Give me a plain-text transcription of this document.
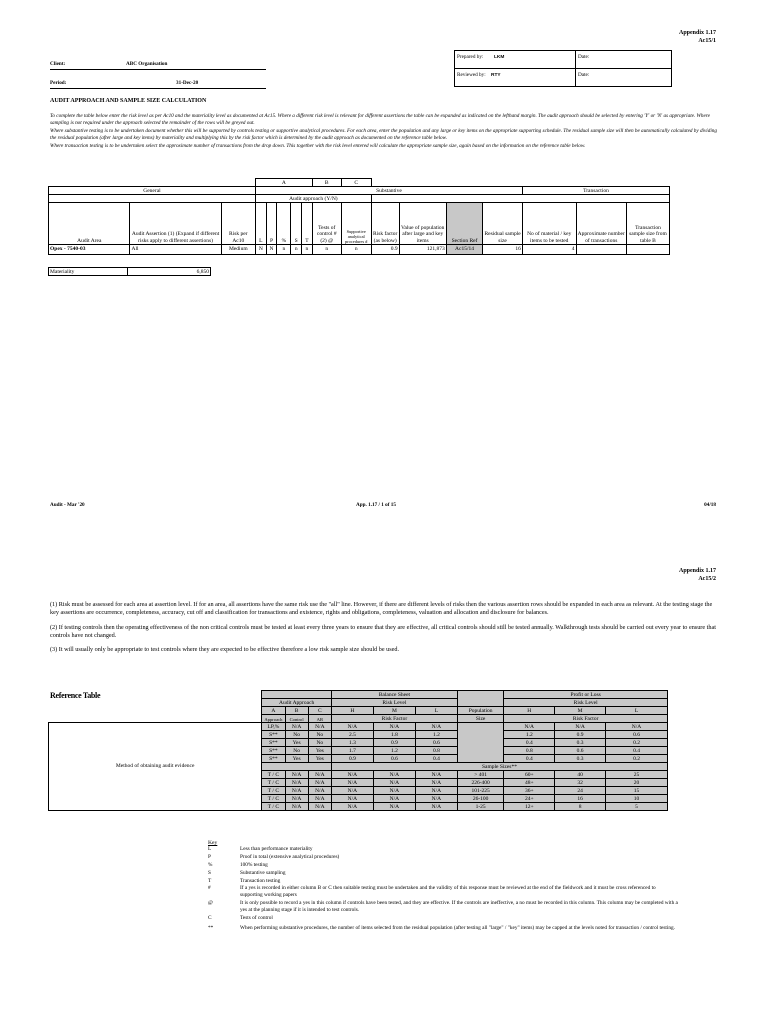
Appendix 1.17
Ac15/1
Prepared by: LKM	Date:
Reviewed by: RTY	Date:
Client:	ABC Organisation
Period:	31-Dec-20
AUDIT APPROACH AND SAMPLE SIZE CALCULATION
To complete the table below enter the risk level as per Ac10 and the materiality level as documented at Ac15. Where a different risk level is relevant for different assertions the table can be expanded as indicated on the lefthand margin. The audit approach should be selected by entering 'Y' or 'N' as appropriate. Where sampling is not required under the approach selected the remainder of the rows will be greyed out.
Where substantive testing is to be undertaken document whether this will be supported by controls testing or supportive analytical procedures. For each area, enter the population and any large or key items on the appropriate supporting schedule. The residual sample size will then be automatically calculated by dividing the residual population (after large and key items) by materiality and multiplying this by the risk factor which is determined by the audit approach as documented on the reference table below.
Where transaction testing is to be undertaken select the approximate number of transactions from the drop down. This together with the risk level entered will calculate the appropriate sample size, again based on the information on the reference table below.
			A					B	C							
General			Substantive											Transaction		
			Audit approach (Y/N)													
Audit Area	Audit Assertion (1) (Expand if different risks apply to different assertions)	Risk per Ac10	L	P	%	S	T	Tests of control # (2) @	Supportive analytical procedures #	Risk factor (as below)	Value of population after large and key items	Section Ref	Residual sample size	No of material / key items to be tested	Approximate number of transactions	Transaction sample size from table B
Opex - 7540-03	All	Medium	N	N	n	n	n	n	n	0.9	121,873	Ac15/14	16	4		
Materiality	6,850
Audit - Mar '20	App. 1.17 / 1 of 15	04/18
Appendix 1.17
Ac15/2
(1) Risk must be assessed for each area at assertion level. If for an area, all assertions have the same risk use the "all" line. However, if there are different levels of risks then the various assertion rows should be expanded in each area as relevant. At the testing stage the key assertions are occurrence, completeness, accuracy, cut off and classification for transactions and existence, rights and obligations, completeness, valuation and allocation and disclosure for balances.
(2) If testing controls then the operating effectiveness of the non critical controls must be tested at least every three years to ensure that they are effective, all critical controls should still be tested annually. Walkthrough tests should be carried out every year to ensure that controls have not changed.
(3) It will usually only be appropriate to test controls where they are expected to be effective therefore a low risk sample size should be used.
Reference Table
				Balance Sheet				Profit or Loss		
	Audit Approach			Risk Level				Risk Level		
	A	B	C	H	M	L	Population	H	M	L
	Approach	Control	AR	Risk Factor			Size	Risk Factor		
Method of obtaining audit evidence	LP,%	N/A	N/A	N/A	N/A	N/A		N/A	N/A	N/A
	S**	No	No	2.5	1.8	1.2		1.2	0.9	0.6
	S**	Yes	No	1.3	0.9	0.6		0.4	0.3	0.2
	S**	No	Yes	1.7	1.2	0.8		0.8	0.6	0.4
	S**	Yes	Yes	0.9	0.6	0.4		0.4	0.3	0.2
				Sample Sizes**						
	T / C	N/A	N/A	N/A	N/A	N/A	> 401	60+	40	25
	T / C	N/A	N/A	N/A	N/A	N/A	226-400	48+	32	20
	T / C	N/A	N/A	N/A	N/A	N/A	101-225	36+	24	15
	T / C	N/A	N/A	N/A	N/A	N/A	26-100	24+	16	10
	T / C	N/A	N/A	N/A	N/A	N/A	1-25	12+	8	5
Key
L	Less than performance materiality
P	Proof in total (extensive analytical procedures)
%	100% testing
S	Substantive sampling
T	Transaction testing
#	If a yes is recorded in either column B or C then suitable testing must be undertaken and the validity of this response must be reviewed at the end of the fieldwork and it must be cross referenced to supporting working papers
@	It is only possible to record a yes in this column if controls have been tested, and they are effective. If the controls are ineffective, a no must be recorded in this column. This column may be completed with a yes at the planning stage if it is intended to test controls.
C	Tests of control
**	When performing substantive procedures, the number of items selected from the residual population (after testing all "large" / "key" items) may be capped at the levels noted for transaction / control testing.
